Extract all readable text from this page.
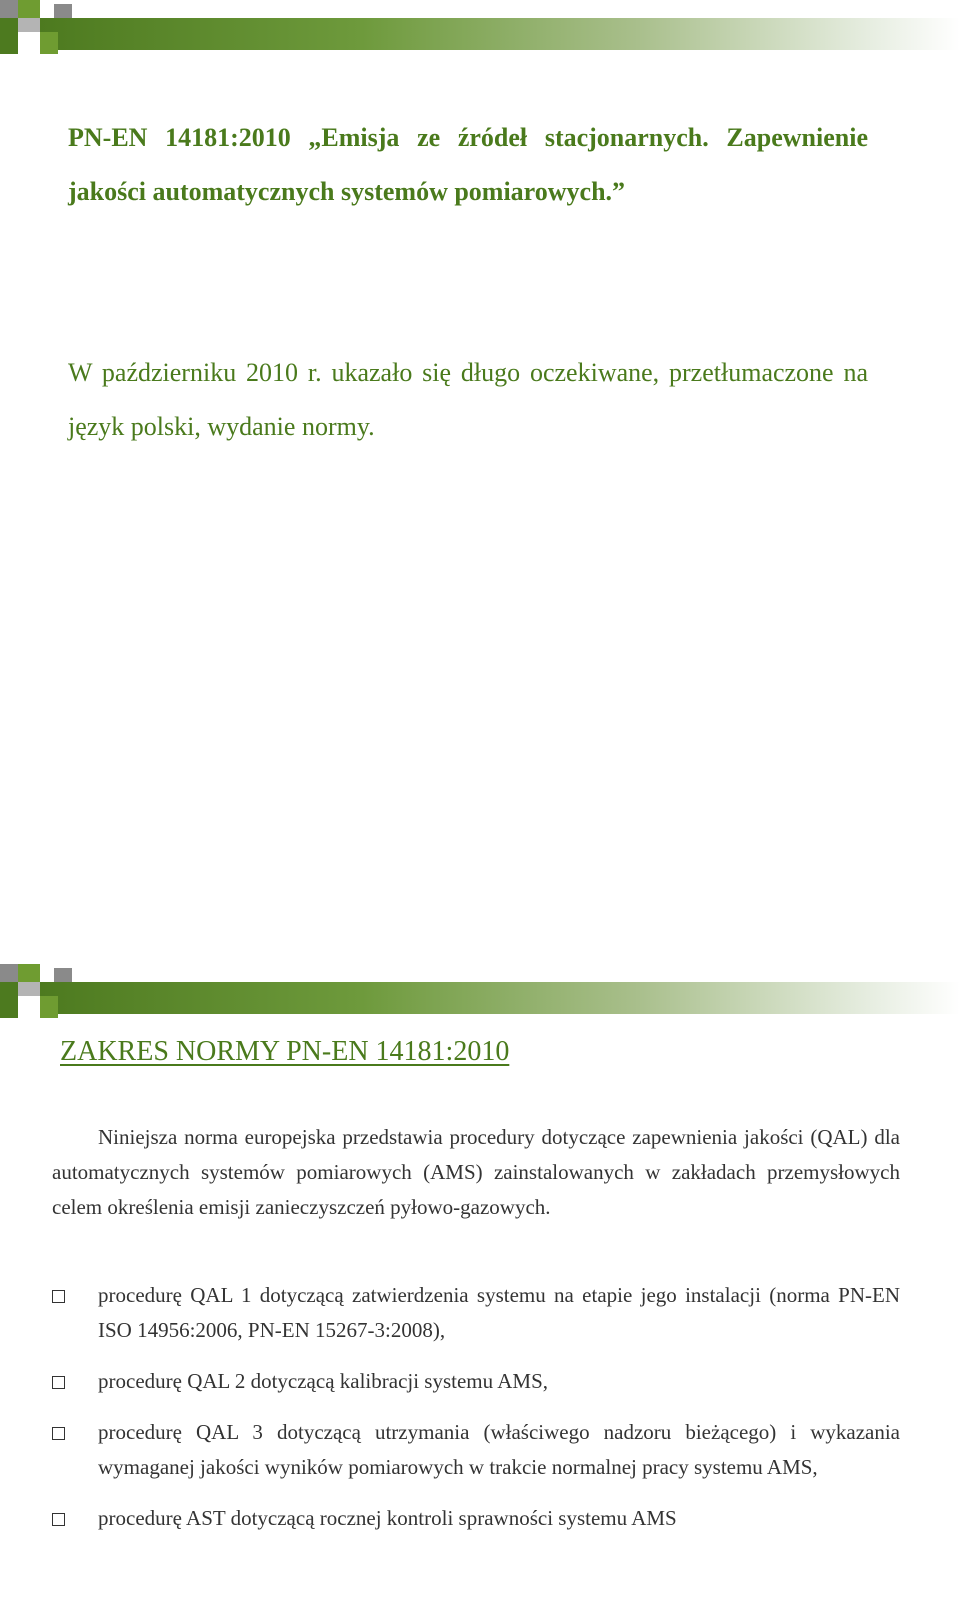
PN-EN 14181:2010 „Emisja ze źródeł stacjonarnych. Zapewnienie jakości automatycznych systemów pomiarowych.”
W październiku 2010 r. ukazało się długo oczekiwane, przetłumaczone na język polski, wydanie normy.
ZAKRES NORMY PN-EN 14181:2010
Niniejsza norma europejska przedstawia procedury dotyczące zapewnienia jakości (QAL) dla automatycznych systemów pomiarowych (AMS) zainstalowanych w zakładach przemysłowych celem określenia emisji zanieczyszczeń pyłowo-gazowych.
procedurę QAL 1 dotyczącą zatwierdzenia systemu na etapie jego instalacji (norma PN-EN ISO 14956:2006, PN-EN 15267-3:2008),
procedurę QAL 2 dotyczącą kalibracji systemu AMS,
procedurę QAL 3 dotyczącą utrzymania (właściwego nadzoru bieżącego) i wykazania wymaganej jakości wyników pomiarowych w trakcie normalnej pracy systemu AMS,
procedurę AST dotyczącą rocznej kontroli sprawności systemu AMS
